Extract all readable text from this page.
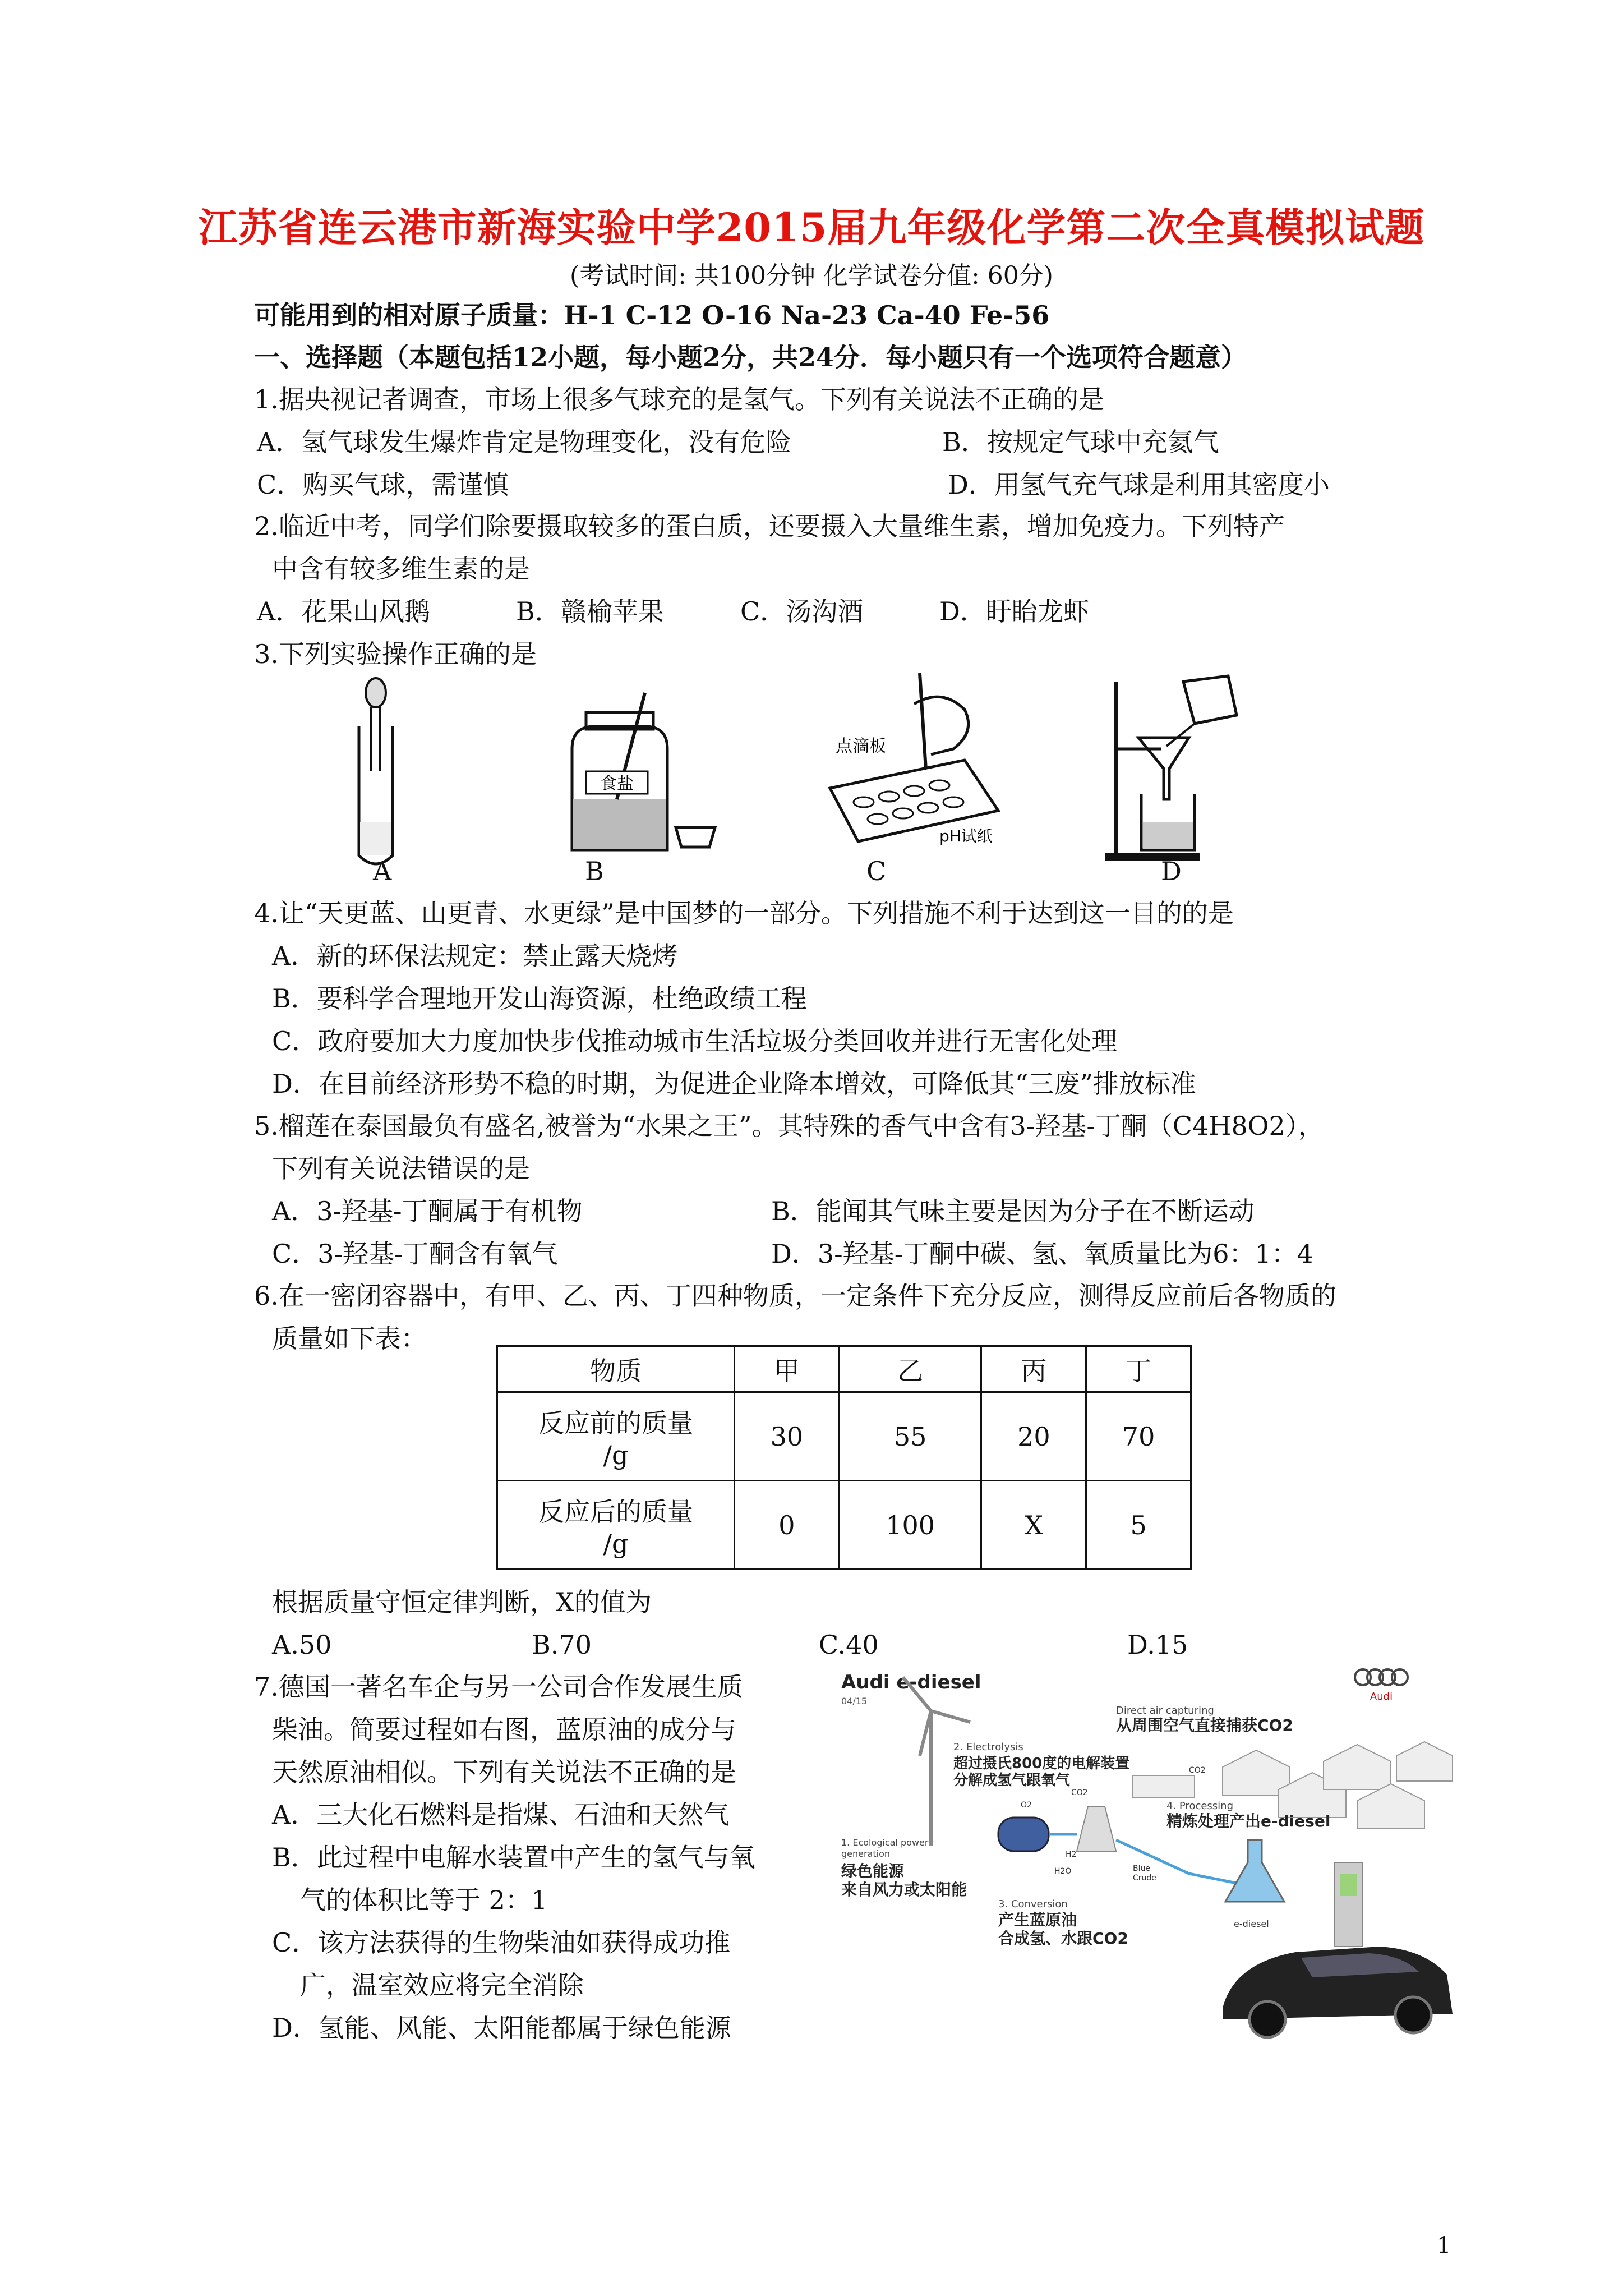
江苏省连云港市新海实验中学2015届九年级化学第二次全真模拟试题
(考试时间: 共100分钟 化学试卷分值: 60分)
可能用到的相对原子质量：H-1 C-12 O-16 Na-23 Ca-40 Fe-56
一、选择题（本题包括12小题，每小题2分，共24分．每小题只有一个选项符合题意）
1.据央视记者调查，市场上很多气球充的是氢气。下列有关说法不正确的是
A．氢气球发生爆炸肯定是物理变化，没有危险	B．按规定气球中充氦气
C．购买气球，需谨慎	D．用氢气充气球是利用其密度小
2.临近中考，同学们除要摄取较多的蛋白质，还要摄入大量维生素，增加免疫力。下列特产
中含有较多维生素的是
A．花果山风鹅	B．赣榆苹果	C．汤沟酒	D．盱眙龙虾
3.下列实验操作正确的是
食盐
点滴板
pH试纸
A	B	C	D
4.让“天更蓝、山更青、水更绿”是中国梦的一部分。下列措施不利于达到这一目的的是
A．新的环保法规定：禁止露天烧烤
B．要科学合理地开发山海资源，杜绝政绩工程
C．政府要加大力度加快步伐推动城市生活垃圾分类回收并进行无害化处理
D．在目前经济形势不稳的时期，为促进企业降本增效，可降低其“三废”排放标准
5.榴莲在泰国最负有盛名,被誉为“水果之王”。其特殊的香气中含有3-羟基-丁酮（C4H8O2），
下列有关说法错误的是
A．3-羟基-丁酮属于有机物	B．能闻其气味主要是因为分子在不断运动
C．3-羟基-丁酮含有氧气	D．3-羟基-丁酮中碳、氢、氧质量比为6：1：4
6.在一密闭容器中，有甲、乙、丙、丁四种物质，一定条件下充分反应，测得反应前后各物质的
质量如下表：
物质	甲	乙	丙	丁

反应前的质量
/g	30	55	20	70

反应后的质量
/g	0	100	X	5
根据质量守恒定律判断，X的值为
A.50	B.70	C.40	D.15
7.德国一著名车企与另一公司合作发展生质
柴油。简要过程如右图，蓝原油的成分与
天然原油相似。下列有关说法不正确的是
A．三大化石燃料是指煤、石油和天然气
B．此过程中电解水装置中产生的氢气与氧
气的体积比等于 2：1
C．该方法获得的生物柴油如获得成功推
广，温室效应将完全消除
D．氢能、风能、太阳能都属于绿色能源
Audi e-diesel
04/15	Audi
Direct air capturing
从周围空气直接捕获CO2
2. Electrolysis
超过摄氏800度的电解装置
分解成氢气跟氧气
CO2
CO2
O2
H2
H2O	Blue
Crude
1. Ecological power
generation
绿色能源
来自风力或太阳能
4. Processing
精炼处理产出e-diesel
e-diesel
3. Conversion
产生蓝原油
合成氢、水跟CO2
1
